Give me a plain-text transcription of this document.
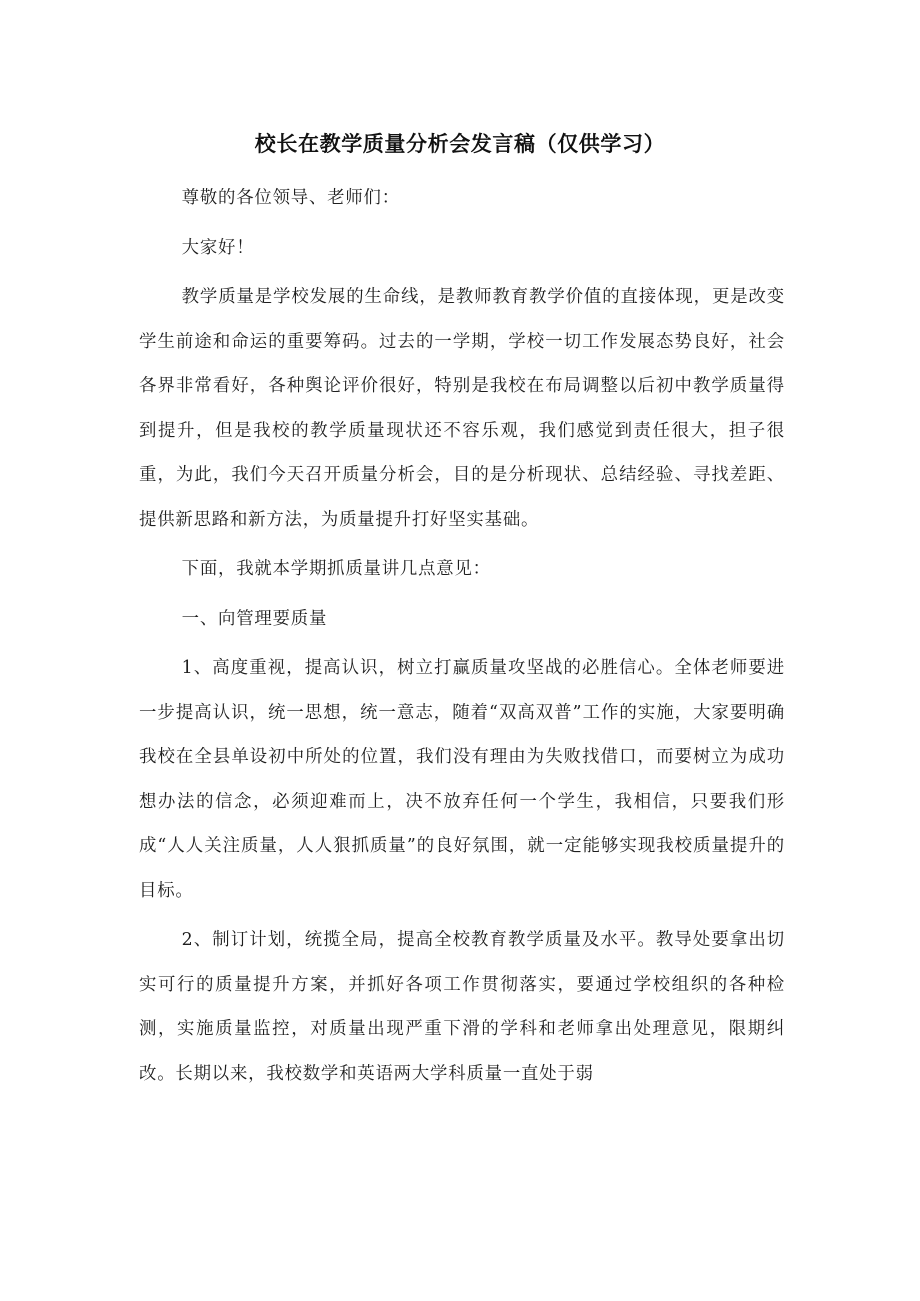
校长在教学质量分析会发言稿（仅供学习）

尊敬的各位领导、老师们：

大家好！

教学质量是学校发展的生命线，是教师教育教学价值的直接体现，更是改变学生前途和命运的重要筹码。过去的一学期，学校一切工作发展态势良好，社会各界非常看好，各种舆论评价很好，特别是我校在布局调整以后初中教学质量得到提升，但是我校的教学质量现状还不容乐观，我们感觉到责任很大，担子很重，为此，我们今天召开质量分析会，目的是分析现状、总结经验、寻找差距、提供新思路和新方法，为质量提升打好坚实基础。

下面，我就本学期抓质量讲几点意见：

一、向管理要质量

1、高度重视，提高认识，树立打赢质量攻坚战的必胜信心。全体老师要进一步提高认识，统一思想，统一意志，随着“双高双普”工作的实施，大家要明确我校在全县单设初中所处的位置，我们没有理由为失败找借口，而要树立为成功想办法的信念，必须迎难而上，决不放弃任何一个学生，我相信，只要我们形成“人人关注质量，人人狠抓质量”的良好氛围，就一定能够实现我校质量提升的目标。

2、制订计划，统揽全局，提高全校教育教学质量及水平。教导处要拿出切实可行的质量提升方案，并抓好各项工作贯彻落实，要通过学校组织的各种检测，实施质量监控，对质量出现严重下滑的学科和老师拿出处理意见，限期纠改。长期以来，我校数学和英语两大学科质量一直处于弱
